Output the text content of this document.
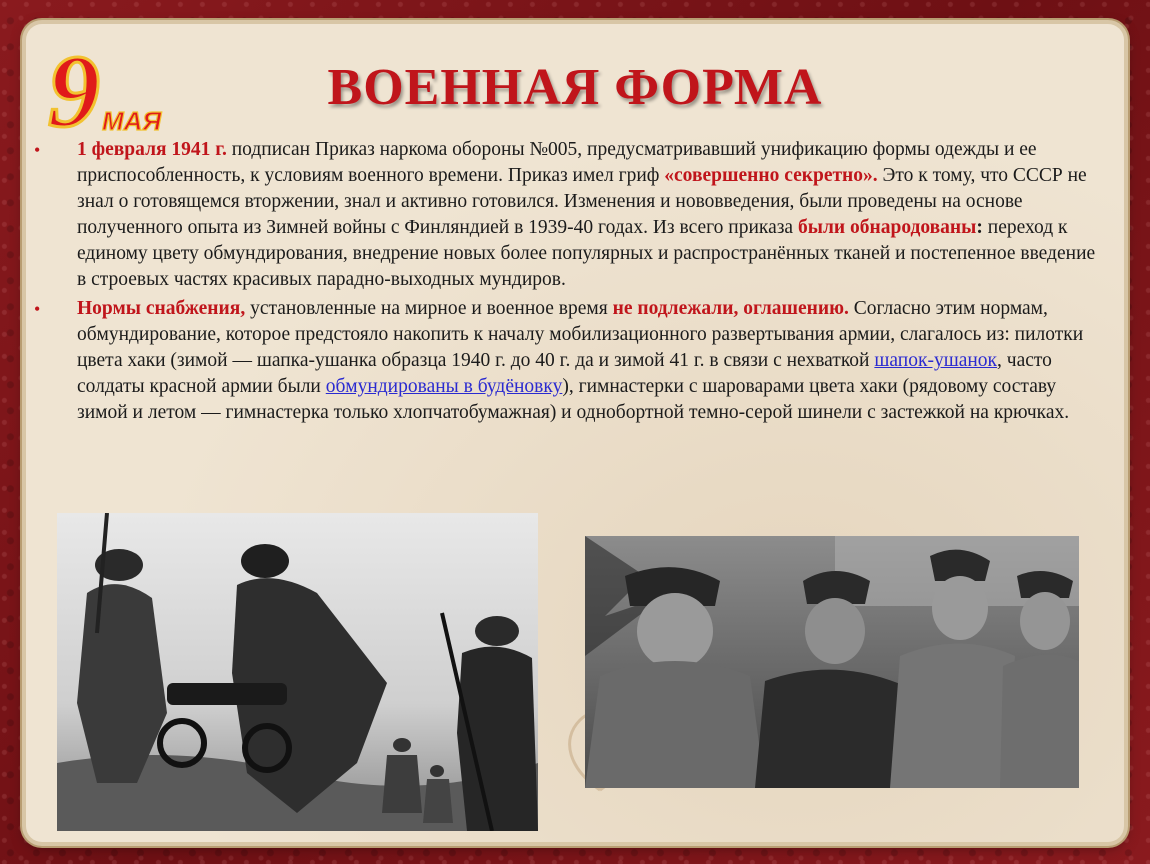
9 МАЯ
ВОЕННАЯ ФОРМА

• 1 февраля 1941 г. подписан Приказ наркома обороны №005, предусматривавший унификацию формы одежды и ее приспособленность, к условиям военного времени. Приказ имел гриф «совершенно секретно». Это к тому, что СССР не знал о готовящемся вторжении, знал и активно готовился. Изменения и нововведения, были проведены на основе полученного опыта из Зимней войны с Финляндией в 1939-40 годах. Из всего приказа были обнародованы: переход к единому цвету обмундирования, внедрение новых более популярных и распространённых тканей и постепенное введение в строевых частях красивых парадно-выходных мундиров.

• Нормы снабжения, установленные на мирное и военное время не подлежали, оглашению. Согласно этим нормам, обмундирование, которое предстояло накопить к началу мобилизационного развертывания армии, слагалось из: пилотки цвета хаки (зимой — шапка-ушанка образца 1940 г. до 40 г. да и зимой 41 г. в связи с нехваткой шапок-ушанок, часто солдаты красной армии были обмундированы в будёновку), гимнастерки с шароварами цвета хаки (рядовому составу зимой и летом — гимнастерка только хлопчатобумажная) и однобортной темно-серой шинели с застежкой на крючках.
